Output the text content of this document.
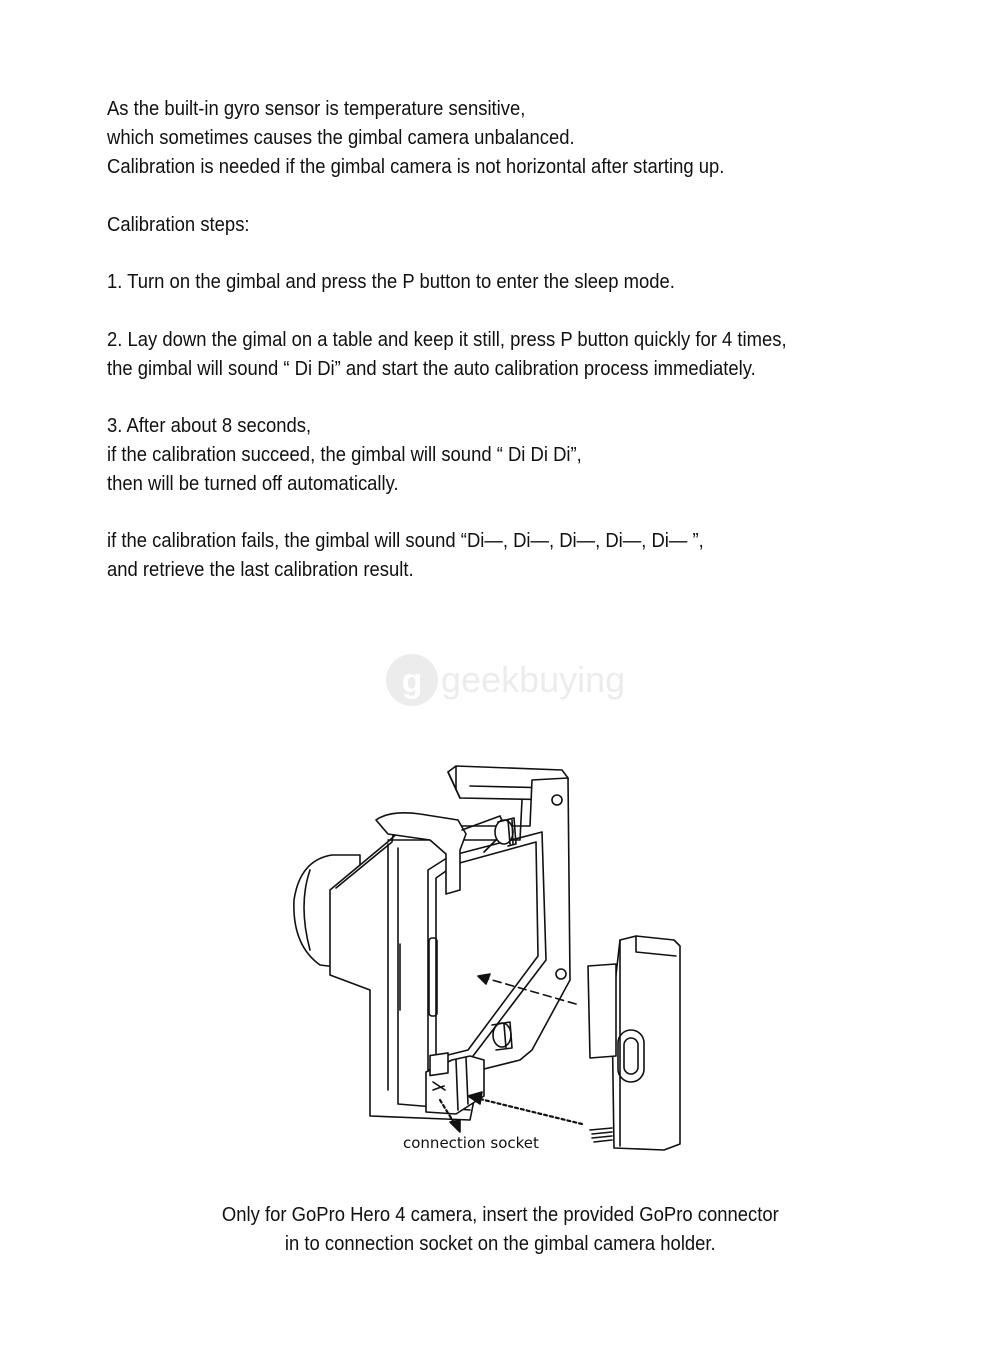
As the built-in gyro sensor is temperature sensitive,

which sometimes causes the gimbal camera unbalanced.

Calibration is needed if the gimbal camera is not horizontal after starting up.

Calibration steps:

1. Turn on the gimbal and press the P button to enter the sleep mode.

2. Lay down the gimal on a table and keep it still, press P button quickly for 4 times,

the gimbal will sound “ Di Di” and start the auto calibration process immediately.

3. After about 8 seconds,

if the calibration succeed, the gimbal will sound “ Di Di Di”,

then will be turned off automatically.

if the calibration fails, the gimbal will sound “Di—, Di—, Di—, Di—, Di— ”,

and retrieve the last calibration result.

g geekbuying
connection socket
Only for GoPro Hero 4 camera, insert the provided GoPro connector
in to connection socket on the gimbal camera holder.
